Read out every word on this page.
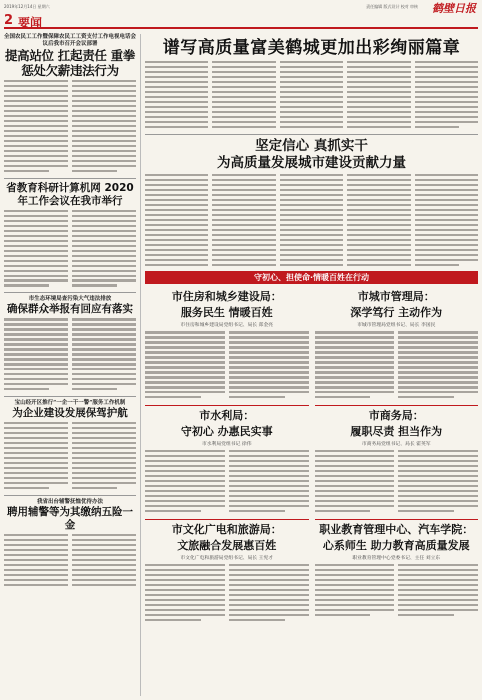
2019年12月14日 星期六	责任编辑 版式设计 校对 审核 鹤壁日报
2 要闻
全国农民工工作暨保障农民工工资支付工作电视电话会议后我市召开会议部署
提高站位 扛起责任 重拳惩处欠薪违法行为
省教育科研计算机网 2020年工作会议在我市举行
市生态环境局查污染大气违法排放
确保群众举报有回应有落实
宝山经开区推行“一企一干一警”服务工作机制
为企业建设发展保驾护航
我省出台辅警抚恤优待办法
聘用辅警等为其缴纳五险一金
谱写高质量富美鹤城更加出彩绚丽篇章
坚定信心 真抓实干
为高质量发展城市建设贡献力量
守初心、担使命·情暖百姓在行动
市住房和城乡建设局：
服务民生 情暖百姓
市住房和城乡建设局党组书记、局长 郑金亮
市水利局：
守初心 办惠民实事
市水利局党组书记 徐伟
市文化广电和旅游局：
文旅融合发展惠百姓
市文化广电和旅游局党组书记、局长 王宪才
市城市管理局：
深学笃行 主动作为
市城市管理局党组书记、局长 李国民
市商务局：
履职尽责 担当作为
市商务局党组书记、局长 霍英军
职业教育管理中心、汽车学院：
心系师生 助力教育高质量发展
职业教育管理中心党委书记、主任 刘立东
